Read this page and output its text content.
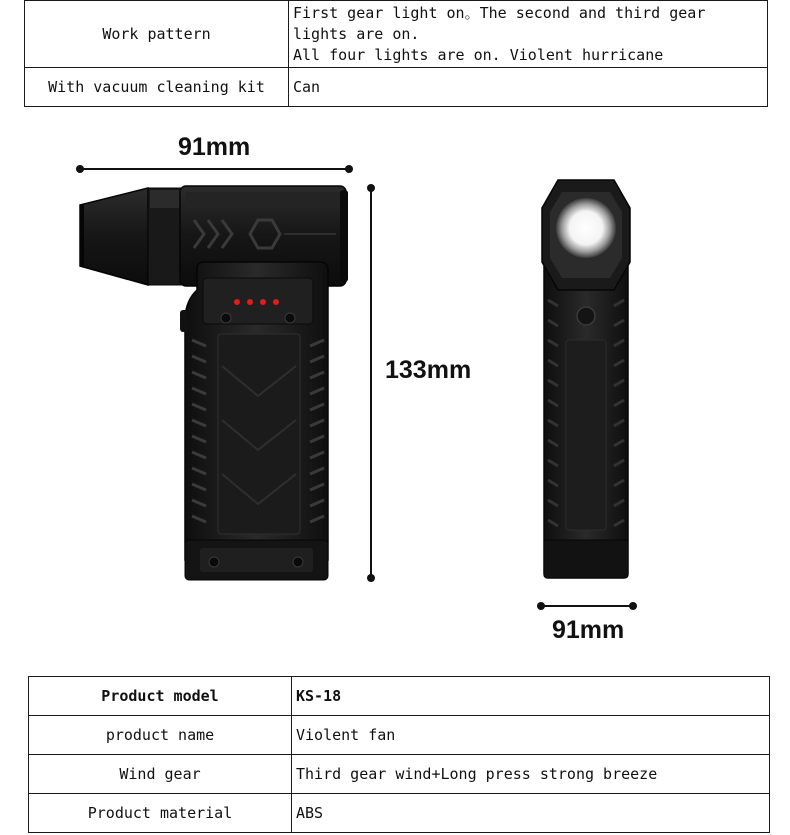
Work pattern	First gear light on。The second and third gear
lights are on.
All four lights are on. Violent hurricane

With vacuum cleaning kit	Can
91mm
133mm
91mm
Product model	KS-18
product name	Violent fan
Wind gear	Third gear wind+Long press strong breeze
Product material	ABS
